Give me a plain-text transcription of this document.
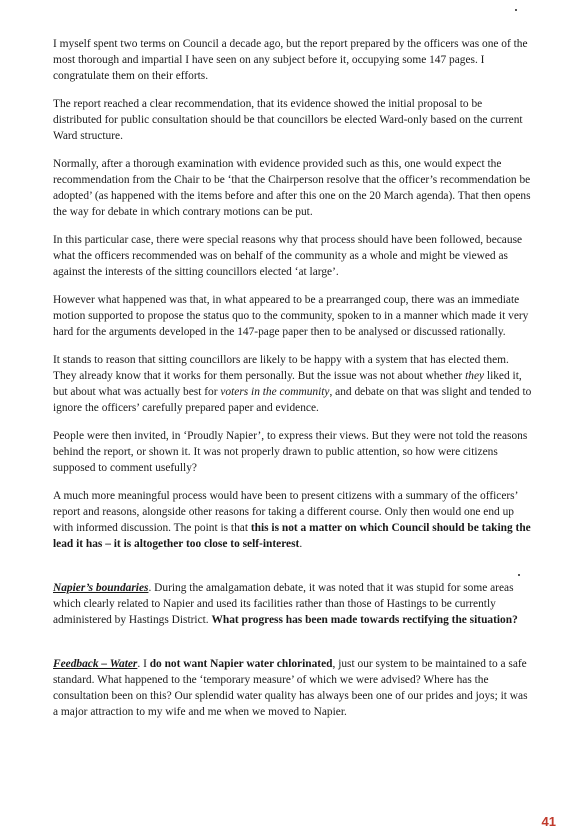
I myself spent two terms on Council a decade ago, but the report prepared by the officers was one of the most thorough and impartial I have seen on any subject before it, occupying some 147 pages. I congratulate them on their efforts.

The report reached a clear recommendation, that its evidence showed the initial proposal to be distributed for public consultation should be that councillors be elected Ward-only based on the current Ward structure.

Normally, after a thorough examination with evidence provided such as this, one would expect the recommendation from the Chair to be ‘that the Chairperson resolve that the officer’s recommendation be adopted’ (as happened with the items before and after this one on the 20 March agenda). That then opens the way for debate in which contrary motions can be put.

In this particular case, there were special reasons why that process should have been followed, because what the officers recommended was on behalf of the community as a whole and might be viewed as against the interests of the sitting councillors elected ‘at large’.

However what happened was that, in what appeared to be a prearranged coup, there was an immediate motion supported to propose the status quo to the community, spoken to in a manner which made it very hard for the arguments developed in the 147-page paper then to be analysed or discussed rationally.

It stands to reason that sitting councillors are likely to be happy with a system that has elected them. They already know that it works for them personally. But the issue was not about whether they liked it, but about what was actually best for voters in the community, and debate on that was slight and tended to ignore the officers’ carefully prepared paper and evidence.

People were then invited, in ‘Proudly Napier’, to express their views. But they were not told the reasons behind the report, or shown it. It was not properly drawn to public attention, so how were citizens supposed to comment usefully?

A much more meaningful process would have been to present citizens with a summary of the officers’ report and reasons, alongside other reasons for taking a different course. Only then would one end up with informed discussion. The point is that this is not a matter on which Council should be taking the lead it has – it is altogether too close to self-interest.

Napier’s boundaries. During the amalgamation debate, it was noted that it was stupid for some areas which clearly related to Napier and used its facilities rather than those of Hastings to be currently administered by Hastings District. What progress has been made towards rectifying the situation?

Feedback – Water. I do not want Napier water chlorinated, just our system to be maintained to a safe standard. What happened to the ‘temporary measure’ of which we were advised? Where has the consultation been on this? Our splendid water quality has always been one of our prides and joys; it was a major attraction to my wife and me when we moved to Napier.

41
